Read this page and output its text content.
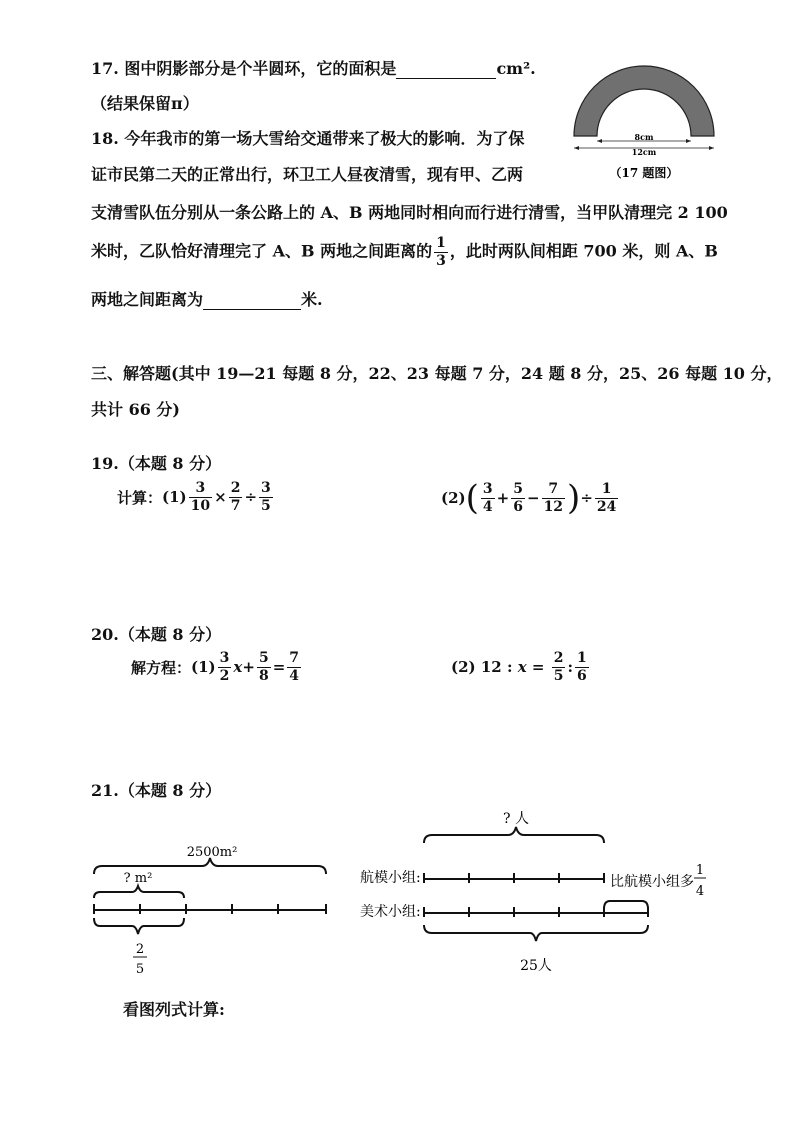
17. 图中阴影部分是个半圆环，它的面积是	cm².
（结果保留π）
8cm
12cm
（17 题图）
18. 今年我市的第一场大雪给交通带来了极大的影响．为了保
证市民第二天的正常出行，环卫工人昼夜清雪，现有甲、乙两
支清雪队伍分别从一条公路上的 A、B 两地同时相向而行进行清雪，当甲队清理完 2 100
米时，乙队恰好清理完了 A、B 两地之间距离的 $\frac{1}{3}$ ，此时两队间相距 700 米，则 A、B
两地之间距离为	米.
三、解答题(其中 19—21 每题 8 分，22、23 每题 7 分，24 题 8 分，25、26 每题 10 分，
共计 66 分)
19.（本题 8 分）
计算： $(1) \frac{3}{10} \times \frac{2}{7} \div \frac{3}{5}$	(2) ( $\frac{3}{4} + \frac{5}{6} - \frac{7}{12}$ ) ÷ $\frac{1}{24}$
20.（本题 8 分）
解方程： $(1) \frac{3}{2}$ $x + \frac{5}{8} = \frac{7}{4}$	(2)
12 : $x = \frac{2}{5}$ : $\frac{1}{6}$
21.（本题 8 分）
2500m²
? m²
2
5
? 人
航模小组:	比航模小组多
1
4
美术小组:
25人
看图列式计算:
